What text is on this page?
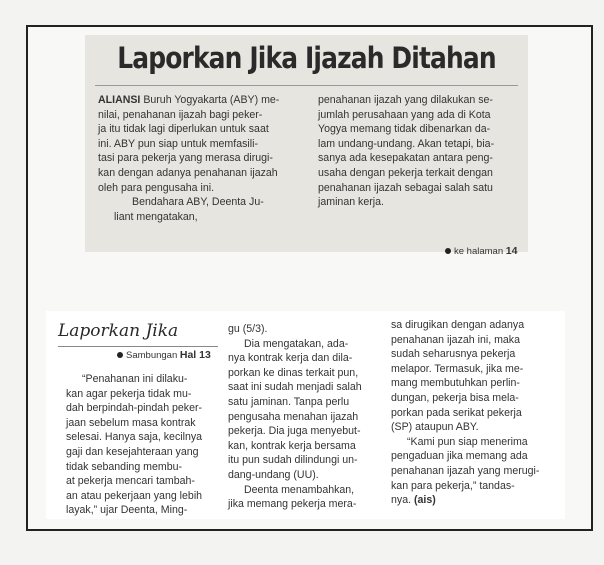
Laporkan Jika Ijazah Ditahan
ALIANSI Buruh Yogyakarta (ABY) me-
nilai, penahanan ijazah bagi peker-
ja itu tidak lagi diperlukan untuk saat
ini. ABY pun siap untuk memfasili-
tasi para pekerja yang merasa dirugi-
kan dengan adanya penahanan ijazah
oleh para pengusaha ini.
Bendahara ABY, Deenta Ju-
liant mengatakan,
penahanan ijazah yang dilakukan se-
jumlah perusahaan yang ada di Kota
Yogya memang tidak dibenarkan da-
lam undang-undang. Akan tetapi, bia-
sanya ada kesepakatan antara peng-
usaha dengan pekerja terkait dengan
penahanan ijazah sebagai salah satu
jaminan kerja.
ke halaman 14
Laporkan Jika
Sambungan Hal 13
“Penahanan ini dilaku-
kan agar pekerja tidak mu-
dah berpindah-pindah peker-
jaan sebelum masa kontrak
selesai. Hanya saja, kecilnya
gaji dan kesejahteraan yang
tidak sebanding membu-
at pekerja mencari tambah-
an atau pekerjaan yang lebih
layak,” ujar Deenta, Ming-
gu (5/3).
Dia mengatakan, ada-
nya kontrak kerja dan dila-
porkan ke dinas terkait pun,
saat ini sudah menjadi salah
satu jaminan. Tanpa perlu
pengusaha menahan ijazah
pekerja. Dia juga menyebut-
kan, kontrak kerja bersama
itu pun sudah dilindungi un-
dang-undang (UU).
Deenta menambahkan,
jika memang pekerja mera-
sa dirugikan dengan adanya
penahanan ijazah ini, maka
sudah seharusnya pekerja
melapor. Termasuk, jika me-
mang membutuhkan perlin-
dungan, pekerja bisa mela-
porkan pada serikat pekerja
(SP) ataupun ABY.
“Kami pun siap menerima
pengaduan jika memang ada
penahanan ijazah yang merugi-
kan para pekerja,” tandas-
nya. (ais)
